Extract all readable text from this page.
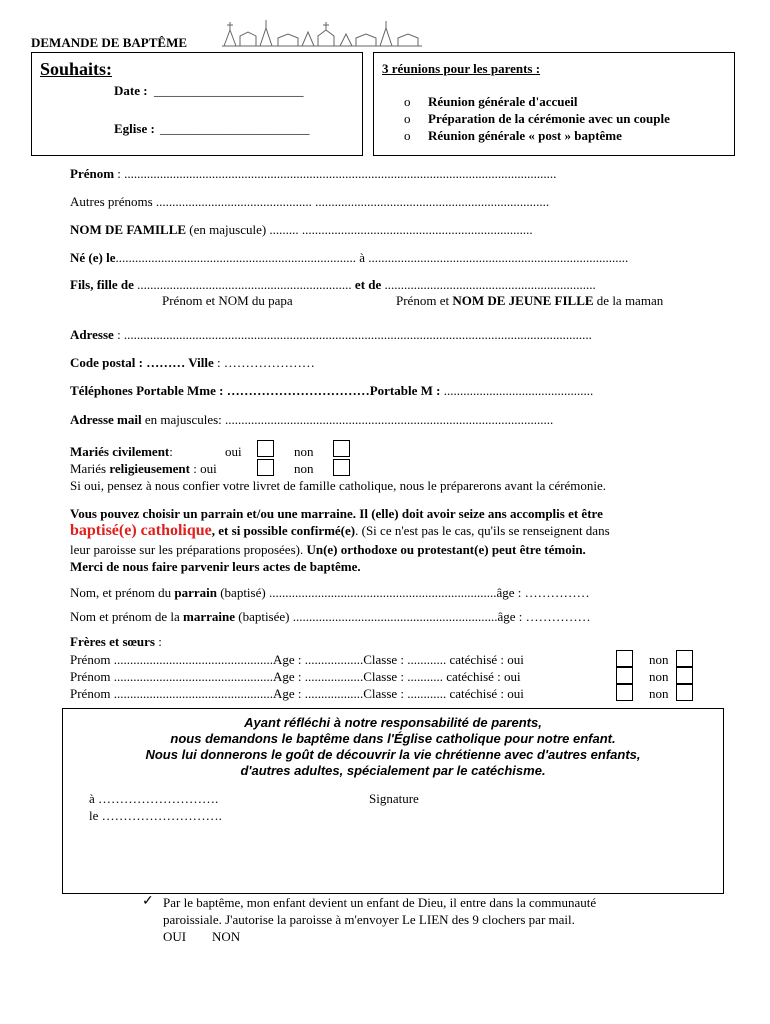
DEMANDE DE BAPTÊME
Souhaits:
Date : _______________________
Eglise : _______________________
3 réunions pour les parents :
o Réunion générale d'accueil
o Préparation de la cérémonie avec un couple
o Réunion générale « post » baptême
Prénom : .....................................................................................................................................
Autres prénoms ................................................ ........................................................................
NOM DE FAMILLE (en majuscule) ......... .......................................................................
Né (e) le.......................................................................... à ................................................................................
Fils, fille de .................................................................. et de .................................................................
Prénom et NOM du papa	Prénom et NOM DE JEUNE FILLE de la maman
Adresse : ................................................................................................................................................
Code postal : ……… Ville : …………………
Téléphones Portable Mme : ……………………………Portable M : ..............................................
Adresse mail en majuscules: .....................................................................................................
Mariés civilement:	oui	non
Mariés religieusement : oui	non
Si oui, pensez à nous confier votre livret de famille catholique, nous le préparerons avant la cérémonie.
Vous pouvez choisir un parrain et/ou une marraine. Il (elle) doit avoir seize ans accomplis et être
baptisé(e) catholique, et si possible confirmé(e). (Si ce n'est pas le cas, qu'ils se renseignent dans
leur paroisse sur les préparations proposées). Un(e) orthodoxe ou protestant(e) peut être témoin.
Merci de nous faire parvenir leurs actes de baptême.
Nom, et prénom du parrain (baptisé) ......................................................................âge : ……………
Nom et prénom de la marraine (baptisée) ...............................................................âge : ……………
Frères et sœurs :
Prénom .................................................Age : ..................Classe : ............ catéchisé : oui	non
Prénom .................................................Age : ..................Classe : ........... catéchisé : oui	non
Prénom .................................................Age : ..................Classe : ............ catéchisé : oui	non
Ayant réfléchi à notre responsabilité de parents,
nous demandons le baptême dans l'Église catholique pour notre enfant.
Nous lui donnerons le goût de découvrir la vie chrétienne avec d'autres enfants,
d'autres adultes, spécialement par le catéchisme.
à ……………………….
le ……………………….
Signature
✓ Par le baptême, mon enfant devient un enfant de Dieu, il entre dans la communauté
paroissiale. J'autorise la paroisse à m'envoyer Le LIEN des 9 clochers par mail.
OUI NON
